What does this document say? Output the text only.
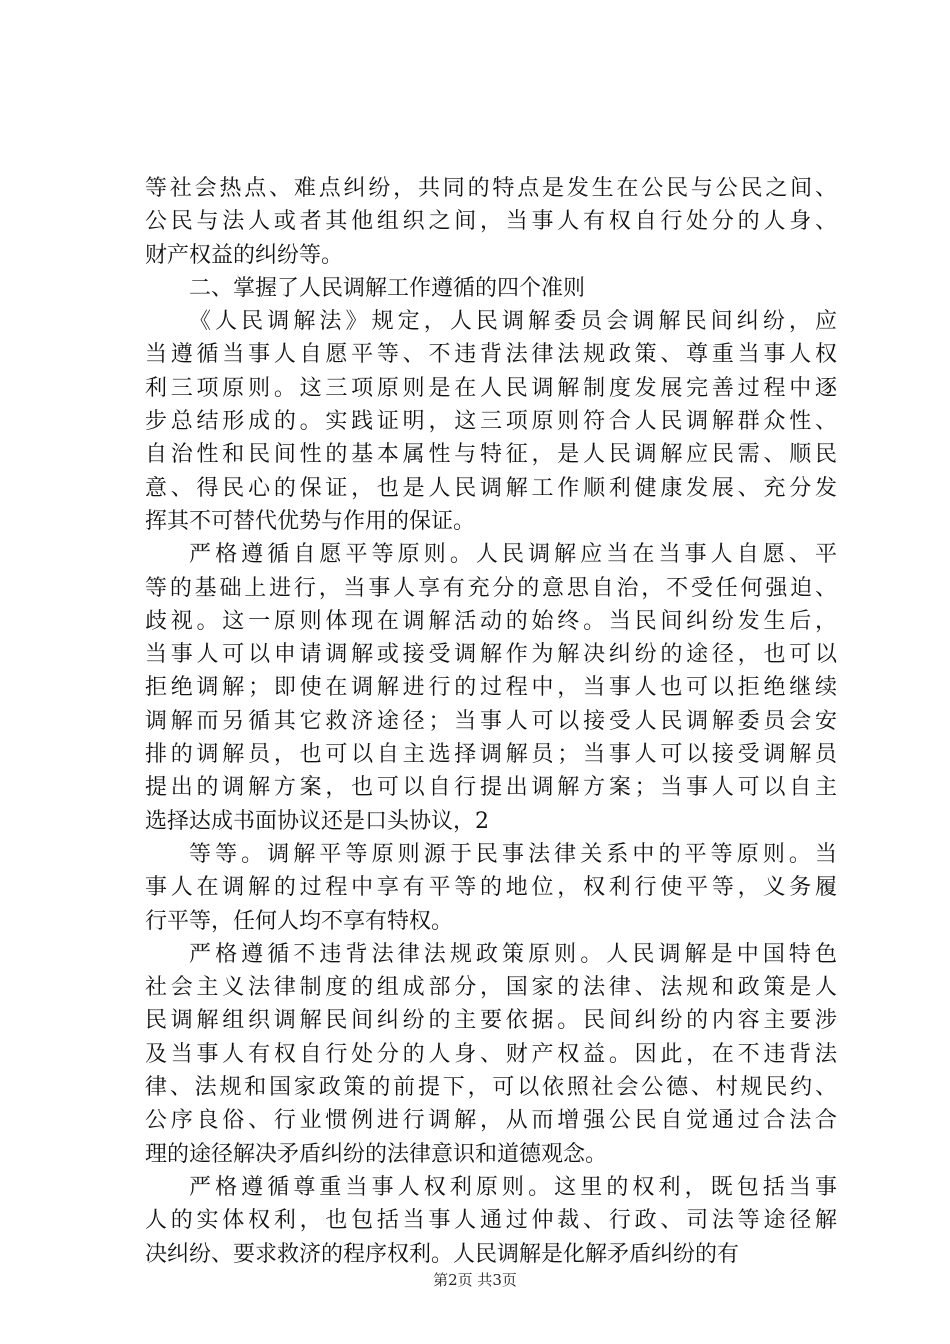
等社会热点、难点纠纷，共同的特点是发生在公民与公民之间、
公民与法人或者其他组织之间，当事人有权自行处分的人身、
财产权益的纠纷等。
二、掌握了人民调解工作遵循的四个准则
《人民调解法》规定，人民调解委员会调解民间纠纷，应
当遵循当事人自愿平等、不违背法律法规政策、尊重当事人权
利三项原则。这三项原则是在人民调解制度发展完善过程中逐
步总结形成的。实践证明，这三项原则符合人民调解群众性、
自治性和民间性的基本属性与特征，是人民调解应民需、顺民
意、得民心的保证，也是人民调解工作顺利健康发展、充分发
挥其不可替代优势与作用的保证。
严格遵循自愿平等原则。人民调解应当在当事人自愿、平
等的基础上进行，当事人享有充分的意思自治，不受任何强迫、
歧视。这一原则体现在调解活动的始终。当民间纠纷发生后，
当事人可以申请调解或接受调解作为解决纠纷的途径，也可以
拒绝调解；即使在调解进行的过程中，当事人也可以拒绝继续
调解而另循其它救济途径；当事人可以接受人民调解委员会安
排的调解员，也可以自主选择调解员；当事人可以接受调解员
提出的调解方案，也可以自行提出调解方案；当事人可以自主
选择达成书面协议还是口头协议，2
等等。调解平等原则源于民事法律关系中的平等原则。当
事人在调解的过程中享有平等的地位，权利行使平等，义务履
行平等，任何人均不享有特权。
严格遵循不违背法律法规政策原则。人民调解是中国特色
社会主义法律制度的组成部分，国家的法律、法规和政策是人
民调解组织调解民间纠纷的主要依据。民间纠纷的内容主要涉
及当事人有权自行处分的人身、财产权益。因此，在不违背法
律、法规和国家政策的前提下，可以依照社会公德、村规民约、
公序良俗、行业惯例进行调解，从而增强公民自觉通过合法合
理的途径解决矛盾纠纷的法律意识和道德观念。
严格遵循尊重当事人权利原则。这里的权利，既包括当事
人的实体权利，也包括当事人通过仲裁、行政、司法等途径解
决纠纷、要求救济的程序权利。人民调解是化解矛盾纠纷的有
第2页 共3页
